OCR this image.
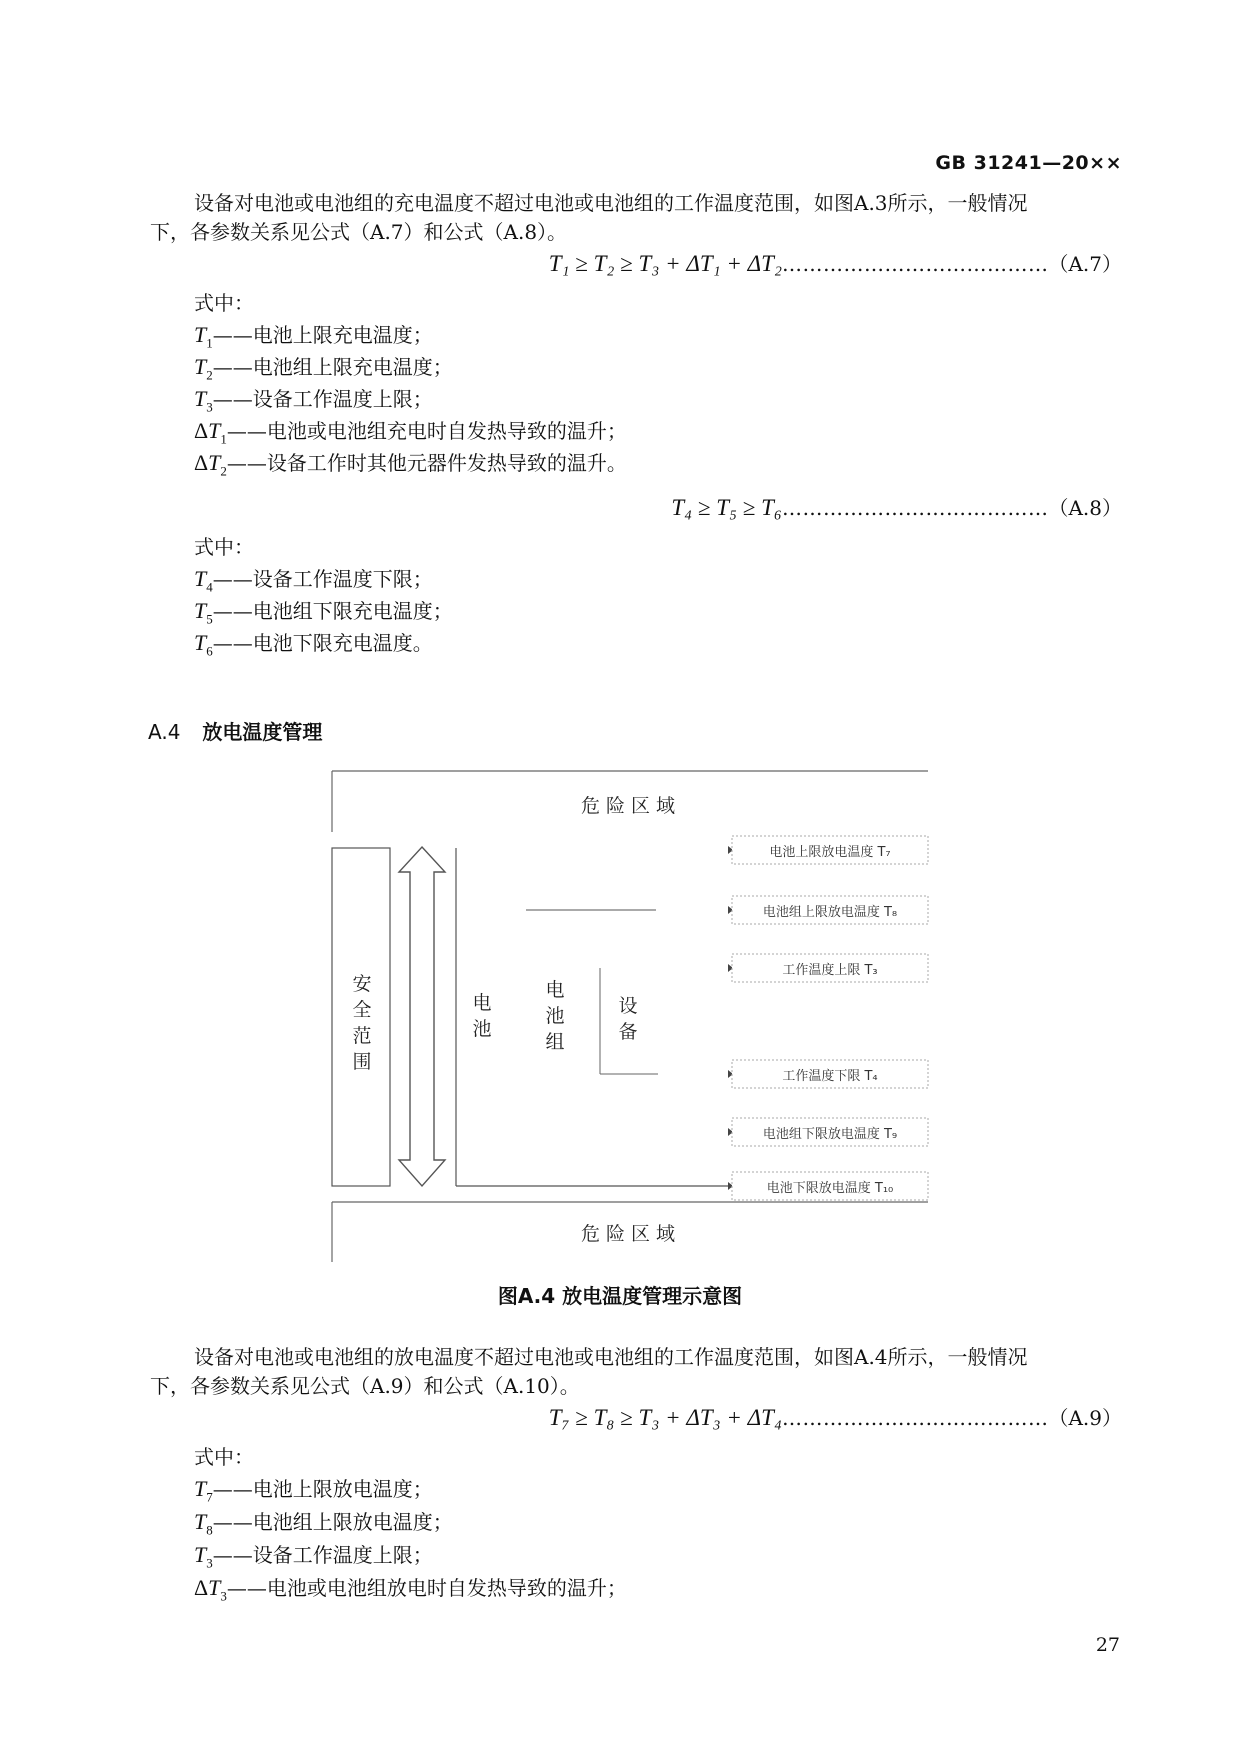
GB 31241—20××
设备对电池或电池组的充电温度不超过电池或电池组的工作温度范围，如图A.3所示，一般情况
下，各参数关系见公式（A.7）和公式（A.8）。
T₁ ≥ T₂ ≥ T₃ + ΔT₁ + ΔT₂…………………………………（A.7）
式中：
$T_1——$电池上限充电温度；
$T_2——$电池组上限充电温度；
$T_3——$设备工作温度上限；
$\Delta T_1——$电池或电池组充电时自发热导致的温升；
$\Delta T_2——$设备工作时其他元器件发热导致的温升。
T₄ ≥ T₅ ≥ T₆…………………………………（A.8）
式中：
$T_4——$设备工作温度下限；
$T_5——$电池组下限充电温度；
$T_6——$电池下限充电温度。
A.4 放电温度管理
危 险 区 域
安
全
范
围
电
池
电
池
组
设
备
电池上限放电温度 T₇
电池组上限放电温度 T₈
工作温度上限 T₃
工作温度下限 T₄
电池组下限放电温度 T₉
电池下限放电温度 T₁₀
危 险 区 域
图A.4 放电温度管理示意图
设备对电池或电池组的放电温度不超过电池或电池组的工作温度范围，如图A.4所示，一般情况
下，各参数关系见公式（A.9）和公式（A.10）。
T₇ ≥ T₈ ≥ T₃ + ΔT₃ + ΔT₄…………………………………（A.9）
式中：
$T_7——$电池上限放电温度；
$T_8——$电池组上限放电温度；
$T_3——$设备工作温度上限；
$\Delta T_3——$电池或电池组放电时自发热导致的温升；
27
